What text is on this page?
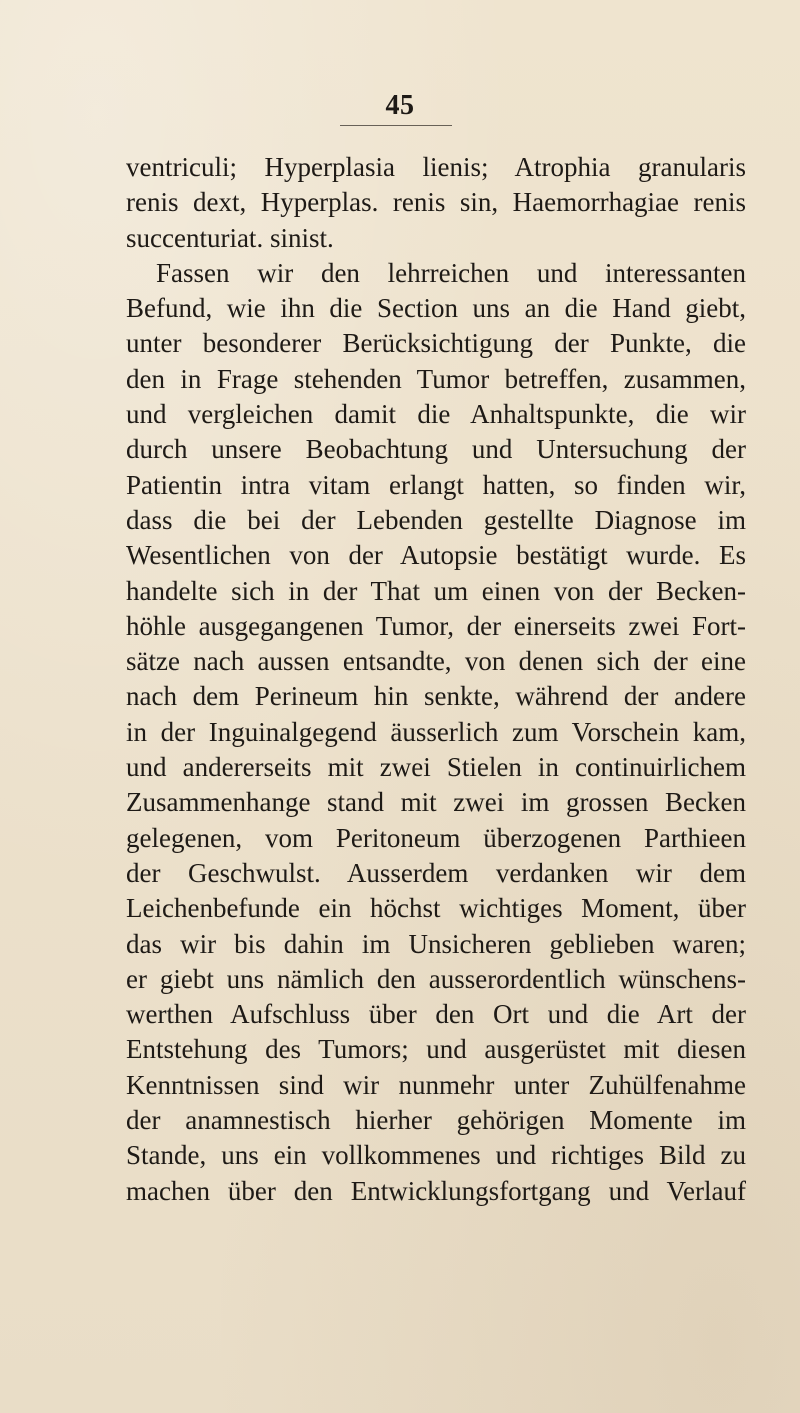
45
ventriculi; Hyperplasia lienis; Atrophia granularis
renis dext, Hyperplas. renis sin, Haemorrhagiae renis
succenturiat. sinist.
Fassen wir den lehrreichen und interessanten
Befund, wie ihn die Section uns an die Hand giebt,
unter besonderer Berücksichtigung der Punkte, die
den in Frage stehenden Tumor betreffen, zusammen,
und vergleichen damit die Anhaltspunkte, die wir
durch unsere Beobachtung und Untersuchung der
Patientin intra vitam erlangt hatten, so finden wir,
dass die bei der Lebenden gestellte Diagnose im
Wesentlichen von der Autopsie bestätigt wurde. Es
handelte sich in der That um einen von der Becken-
höhle ausgegangenen Tumor, der einerseits zwei Fort-
sätze nach aussen entsandte, von denen sich der eine
nach dem Perineum hin senkte, während der andere
in der Inguinalgegend äusserlich zum Vorschein kam,
und andererseits mit zwei Stielen in continuirlichem
Zusammenhange stand mit zwei im grossen Becken
gelegenen, vom Peritoneum überzogenen Parthieen
der Geschwulst. Ausserdem verdanken wir dem
Leichenbefunde ein höchst wichtiges Moment, über
das wir bis dahin im Unsicheren geblieben waren;
er giebt uns nämlich den ausserordentlich wünschens-
werthen Aufschluss über den Ort und die Art der
Entstehung des Tumors; und ausgerüstet mit diesen
Kenntnissen sind wir nunmehr unter Zuhülfenahme
der anamnestisch hierher gehörigen Momente im
Stande, uns ein vollkommenes und richtiges Bild zu
machen über den Entwicklungsfortgang und Verlauf
